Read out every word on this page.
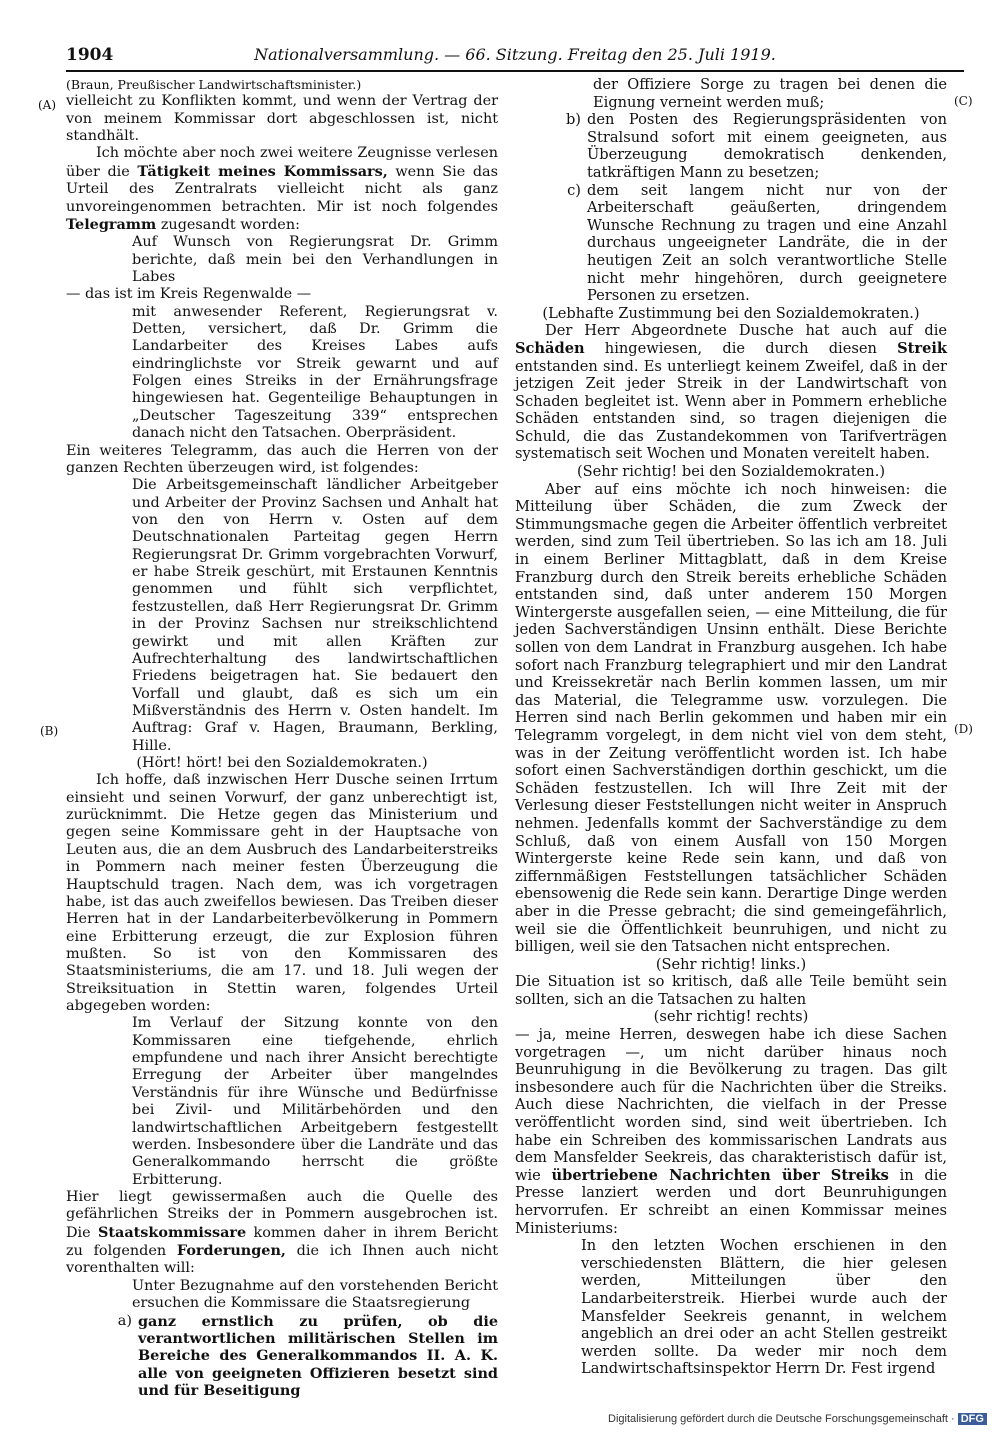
1904	Nationalversammlung. — 66. Sitzung. Freitag den 25. Juli 1919.
(A)
(B)
(C)
(D)

(Braun, Preußischer Landwirtschaftsminister.)

vielleicht zu Konflikten kommt, und wenn der Vertrag der von meinem Kommissar dort abgeschlossen ist, nicht standhält.

Ich möchte aber noch zwei weitere Zeugnisse verlesen über die Tätigkeit meines Kommissars, wenn Sie das Urteil des Zentralrats vielleicht nicht als ganz unvoreingenommen betrachten. Mir ist noch folgendes Telegramm zugesandt worden:

Auf Wunsch von Regierungsrat Dr. Grimm berichte, daß mein bei den Verhandlungen in Labes

— das ist im Kreis Regenwalde —

mit anwesender Referent, Regierungsrat v. Detten, versichert, daß Dr. Grimm die Landarbeiter des Kreises Labes aufs eindringlichste vor Streik gewarnt und auf Folgen eines Streiks in der Ernährungsfrage hingewiesen hat. Gegenteilige Behauptungen in „Deutscher Tageszeitung 339“ entsprechen danach nicht den Tatsachen. Oberpräsident.

Ein weiteres Telegramm, das auch die Herren von der ganzen Rechten überzeugen wird, ist folgendes:

Die Arbeitsgemeinschaft ländlicher Arbeitgeber und Arbeiter der Provinz Sachsen und Anhalt hat von den von Herrn v. Osten auf dem Deutschnationalen Parteitag gegen Herrn Regierungsrat Dr. Grimm vorgebrachten Vorwurf, er habe Streik geschürt, mit Erstaunen Kenntnis genommen und fühlt sich verpflichtet, festzustellen, daß Herr Regierungsrat Dr. Grimm in der Provinz Sachsen nur streikschlichtend gewirkt und mit allen Kräften zur Aufrechterhaltung des landwirtschaftlichen Friedens beigetragen hat. Sie bedauert den Vorfall und glaubt, daß es sich um ein Mißverständnis des Herrn v. Osten handelt. Im Auftrag: Graf v. Hagen, Braumann, Berkling, Hille.

(Hört! hört! bei den Sozialdemokraten.)

Ich hoffe, daß inzwischen Herr Dusche seinen Irrtum einsieht und seinen Vorwurf, der ganz unberechtigt ist, zurücknimmt. Die Hetze gegen das Ministerium und gegen seine Kommissare geht in der Hauptsache von Leuten aus, die an dem Ausbruch des Landarbeiterstreiks in Pommern nach meiner festen Überzeugung die Hauptschuld tragen. Nach dem, was ich vorgetragen habe, ist das auch zweifellos bewiesen. Das Treiben dieser Herren hat in der Landarbeiterbevölkerung in Pommern eine Erbitterung erzeugt, die zur Explosion führen mußten. So ist von den Kommissaren des Staatsministeriums, die am 17. und 18. Juli wegen der Streiksituation in Stettin waren, folgendes Urteil abgegeben worden:

Im Verlauf der Sitzung konnte von den Kommissaren eine tiefgehende, ehrlich empfundene und nach ihrer Ansicht berechtigte Erregung der Arbeiter über mangelndes Verständnis für ihre Wünsche und Bedürfnisse bei Zivil- und Militärbehörden und den landwirtschaftlichen Arbeitgebern festgestellt werden. Insbesondere über die Landräte und das Generalkommando herrscht die größte Erbitterung.

Hier liegt gewissermaßen auch die Quelle des gefährlichen Streiks der in Pommern ausgebrochen ist. Die Staatskommissare kommen daher in ihrem Bericht zu folgenden Forderungen, die ich Ihnen auch nicht vorenthalten will:

Unter Bezugnahme auf den vorstehenden Bericht ersuchen die Kommissare die Staatsregierung

a) ganz ernstlich zu prüfen, ob die verantwortlichen militärischen Stellen im Bereiche des Generalkommandos II. A. K. alle von geeigneten Offizieren besetzt sind und für Beseitigung

der Offiziere Sorge zu tragen bei denen die Eignung verneint werden muß;

b) den Posten des Regierungspräsidenten von Stralsund sofort mit einem geeigneten, aus Überzeugung demokratisch denkenden, tatkräftigen Mann zu besetzen;
c) dem seit langem nicht nur von der Arbeiterschaft geäußerten, dringendem Wunsche Rechnung zu tragen und eine Anzahl durchaus ungeeigneter Landräte, die in der heutigen Zeit an solch verantwortliche Stelle nicht mehr hingehören, durch geeignetere Personen zu ersetzen.

(Lebhafte Zustimmung bei den Sozialdemokraten.)

Der Herr Abgeordnete Dusche hat auch auf die Schäden hingewiesen, die durch diesen Streik entstanden sind. Es unterliegt keinem Zweifel, daß in der jetzigen Zeit jeder Streik in der Landwirtschaft von Schaden begleitet ist. Wenn aber in Pommern erhebliche Schäden entstanden sind, so tragen diejenigen die Schuld, die das Zustandekommen von Tarifverträgen systematisch seit Wochen und Monaten vereitelt haben.

(Sehr richtig! bei den Sozialdemokraten.)

Aber auf eins möchte ich noch hinweisen: die Mitteilung über Schäden, die zum Zweck der Stimmungsmache gegen die Arbeiter öffentlich verbreitet werden, sind zum Teil übertrieben. So las ich am 18. Juli in einem Berliner Mittagblatt, daß in dem Kreise Franzburg durch den Streik bereits erhebliche Schäden entstanden sind, daß unter anderem 150 Morgen Wintergerste ausgefallen seien, — eine Mitteilung, die für jeden Sachverständigen Unsinn enthält. Diese Berichte sollen von dem Landrat in Franzburg ausgehen. Ich habe sofort nach Franzburg telegraphiert und mir den Landrat und Kreissekretär nach Berlin kommen lassen, um mir das Material, die Telegramme usw. vorzulegen. Die Herren sind nach Berlin gekommen und haben mir ein Telegramm vorgelegt, in dem nicht viel von dem steht, was in der Zeitung veröffentlicht worden ist. Ich habe sofort einen Sachverständigen dorthin geschickt, um die Schäden festzustellen. Ich will Ihre Zeit mit der Verlesung dieser Feststellungen nicht weiter in Anspruch nehmen. Jedenfalls kommt der Sachverständige zu dem Schluß, daß von einem Ausfall von 150 Morgen Wintergerste keine Rede sein kann, und daß von ziffernmäßigen Feststellungen tatsächlicher Schäden ebensowenig die Rede sein kann. Derartige Dinge werden aber in die Presse gebracht; die sind gemeingefährlich, weil sie die Öffentlichkeit beunruhigen, und nicht zu billigen, weil sie den Tatsachen nicht entsprechen.

(Sehr richtig! links.)

Die Situation ist so kritisch, daß alle Teile bemüht sein sollten, sich an die Tatsachen zu halten

(sehr richtig! rechts)

— ja, meine Herren, deswegen habe ich diese Sachen vorgetragen —, um nicht darüber hinaus noch Beunruhigung in die Bevölkerung zu tragen. Das gilt insbesondere auch für die Nachrichten über die Streiks. Auch diese Nachrichten, die vielfach in der Presse veröffentlicht worden sind, sind weit übertrieben. Ich habe ein Schreiben des kommissarischen Landrats aus dem Mansfelder Seekreis, das charakteristisch dafür ist, wie übertriebene Nachrichten über Streiks in die Presse lanziert werden und dort Beunruhigungen hervorrufen. Er schreibt an einen Kommissar meines Ministeriums:

In den letzten Wochen erschienen in den verschiedensten Blättern, die hier gelesen werden, Mitteilungen über den Landarbeiterstreik. Hierbei wurde auch der Mansfelder Seekreis genannt, in welchem angeblich an drei oder an acht Stellen gestreikt werden sollte. Da weder mir noch dem Landwirtschaftsinspektor Herrn Dr. Fest irgend

Digitalisierung gefördert durch die Deutsche Forschungsgemeinschaft · DFG
